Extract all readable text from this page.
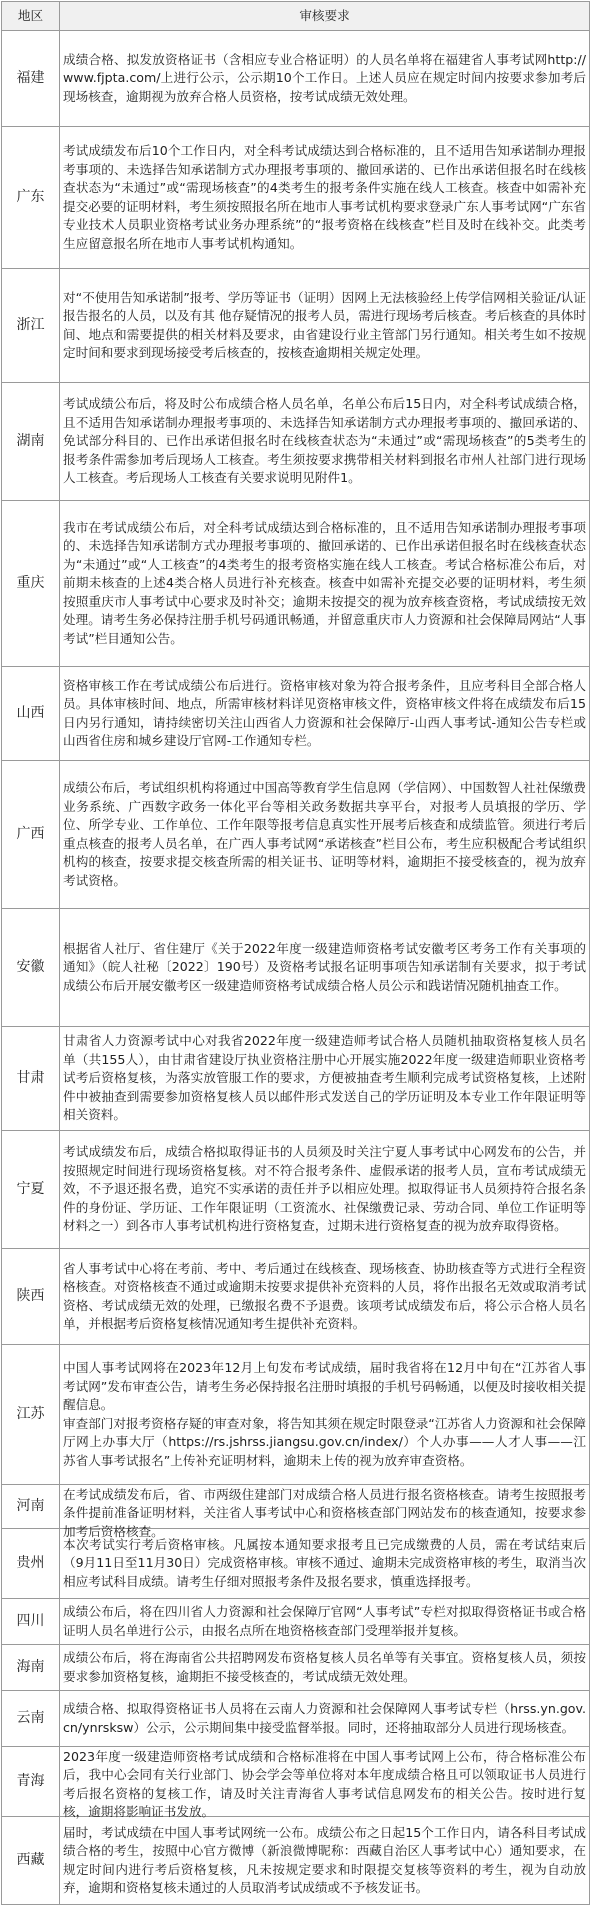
地区	审核要求
福建	成绩合格、拟发放资格证书（含相应专业合格证明）的人员名单将在福建省人事考试网http://www.fjpta.com/上进行公示，公示期10个工作日。上述人员应在规定时间内按要求参加考后现场核查，逾期视为放弃合格人员资格，按考试成绩无效处理。

广东	考试成绩发布后10个工作日内，对全科考试成绩达到合格标准的，且不适用告知承诺制办理报考事项的、未选择告知承诺制方式办理报考事项的、撤回承诺的、已作出承诺但报名时在线核查状态为“未通过”或“需现场核查”的4类考生的报考条件实施在线人工核查。核查中如需补充提交必要的证明材料，考生须按照报名所在地市人事考试机构要求登录广东人事考试网“广东省专业技术人员职业资格考试业务办理系统”的“报考资格在线核查”栏目及时在线补交。此类考生应留意报名所在地市人事考试机构通知。

浙江	对“不使用告知承诺制”报考、学历等证书（证明）因网上无法核验经上传学信网相关验证/认证报告报名的人员，以及有其 他存疑情况的报考人员，需进行现场考后核查。考后核查的具体时间、地点和需要提供的相关材料及要求，由省建设行业主管部门另行通知。相关考生如不按规定时间和要求到现场接受考后核查的，按核查逾期相关规定处理。

湖南	考试成绩公布后，将及时公布成绩合格人员名单，名单公布后15日内，对全科考试成绩合格，且不适用告知承诺制办理报考事项的、未选择告知承诺制方式办理报考事项的、撤回承诺的、免试部分科目的、已作出承诺但报名时在线核查状态为“未通过”或“需现场核查”的5类考生的报考条件需参加考后现场人工核查。考生须按要求携带相关材料到报名市州人社部门进行现场人工核查。考后现场人工核查有关要求说明见附件1。

重庆	我市在考试成绩公布后，对全科考试成绩达到合格标准的，且不适用告知承诺制办理报考事项的、未选择告知承诺制方式办理报考事项的、撤回承诺的、已作出承诺但报名时在线核查状态为“未通过”或“人工核查”的4类考生的报考资格实施在线人工核查。考试合格标准公布后，对前期未核查的上述4类合格人员进行补充核查。核查中如需补充提交必要的证明材料，考生须按照重庆市人事考试中心要求及时补交；逾期未按提交的视为放弃核查资格，考试成绩按无效处理。请考生务必保持注册手机号码通讯畅通，并留意重庆市人力资源和社会保障局网站“人事考试”栏目通知公告。

山西	资格审核工作在考试成绩公布后进行。资格审核对象为符合报考条件，且应考科目全部合格人员。具体审核时间、地点，所需审核材料详见资格审核文件，资格审核文件将在成绩发布后15日内另行通知，请持续密切关注山西省人力资源和社会保障厅-山西人事考试-通知公告专栏或山西省住房和城乡建设厅官网-工作通知专栏。

广西	成绩公布后，考试组织机构将通过中国高等教育学生信息网（学信网）、中国数智人社社保缴费业务系统、广西数字政务一体化平台等相关政务数据共享平台，对报考人员填报的学历、学位、所学专业、工作单位、工作年限等报考信息真实性开展考后核查和成绩监管。须进行考后重点核查的报考人员名单，在广西人事考试网“承诺核查”栏目公布，考生应积极配合考试组织机构的核查，按要求提交核查所需的相关证书、证明等材料，逾期拒不接受核查的，视为放弃考试资格。

安徽	根据省人社厅、省住建厅《关于2022年度一级建造师资格考试安徽考区考务工作有关事项的通知》（皖人社秘〔2022〕190号）及资格考试报名证明事项告知承诺制有关要求，拟于考试成绩公布后开展安徽考区一级建造师资格考试成绩合格人员公示和践诺情况随机抽查工作。

甘肃	甘肃省人力资源考试中心对我省2022年度一级建造师考试合格人员随机抽取资格复核人员名单（共155人），由甘肃省建设厅执业资格注册中心开展实施2022年度一级建造师职业资格考试考后资格复核，为落实放管服工作的要求，方便被抽查考生顺利完成考试资格复核，上述附件中被抽查到需要参加资格复核人员以邮件形式发送自己的学历证明及本专业工作年限证明等相关资料。

宁夏	考试成绩发布后，成绩合格拟取得证书的人员须及时关注宁夏人事考试中心网发布的公告，并按照规定时间进行现场资格复核。对不符合报考条件、虚假承诺的报考人员，宣布考试成绩无效，不予退还报名费，追究不实承诺的责任并予以相应处理。拟取得证书人员须持符合报名条件的身份证、学历证、工作年限证明（工资流水、社保缴费记录、劳动合同、单位工作证明等材料之一）到各市人事考试机构进行资格复查，过期未进行资格复查的视为放弃取得资格。

陕西	省人事考试中心将在考前、考中、考后通过在线核查、现场核查、协助核查等方式进行全程资格核查。对资格核查不通过或逾期未按要求提供补充资料的人员，将作出报名无效或取消考试资格、考试成绩无效的处理，已缴报名费不予退费。该项考试成绩发布后，将公示合格人员名单，并根据考后资格复核情况通知考生提供补充资料。

江苏	中国人事考试网将在2023年12月上旬发布考试成绩，届时我省将在12月中旬在“江苏省人事考试网”发布审查公告，请考生务必保持报名注册时填报的手机号码畅通，以便及时接收相关提醒信息。
审查部门对报考资格存疑的审查对象，将告知其须在规定时限登录“江苏省人力资源和社会保障厅网上办事大厅（https://rs.jshrss.jiangsu.gov.cn/index/）个人办事——人才人事——江苏省人事考试报名”上传补充证明材料，逾期未上传的视为放弃审查资格。

河南	在考试成绩发布后，省、市两级住建部门对成绩合格人员进行报名资格核查。请考生按照报考条件提前准备证明材料，关注省人事考试中心和资格核查部门网站发布的核查通知，按要求参加考后资格核查。

贵州	本次考试实行考后资格审核。凡属按本通知要求报考且已完成缴费的人员，需在考试结束后（9月11日至11月30日）完成资格审核。审核不通过、逾期未完成资格审核的考生，取消当次相应考试科目成绩。请考生仔细对照报考条件及报名要求，慎重选择报考。

四川	成绩公布后，将在四川省人力资源和社会保障厅官网“人事考试”专栏对拟取得资格证书或合格证明人员名单进行公示，由报名点所在地资格核查部门受理举报并复核。

海南	成绩公布后，将在海南省公共招聘网发布资格复核人员名单等有关事宜。资格复核人员，须按要求参加资格复核，逾期拒不接受核查的，考试成绩无效处理。

云南	成绩合格、拟取得资格证书人员将在云南人力资源和社会保障网人事考试专栏（hrss.yn.gov.cn/ynrsksw）公示，公示期间集中接受监督举报。同时，还将抽取部分人员进行现场核查。

青海	2023年度一级建造师资格考试成绩和合格标准将在中国人事考试网上公布，待合格标准公布后，我中心会同有关行业部门、协会学会等单位将对本年度成绩合格且可以领取证书人员进行考后报名资格的复核工作，请及时关注青海省人事考试信息网发布的相关公告。按时进行复核，逾期将影响证书发放。

西藏	届时，考试成绩在中国人事考试网统一公布。成绩公布之日起15个工作日内，请各科目考试成绩合格的考生，按照中心官方微博（新浪微博昵称：西藏自治区人事考试中心）通知要求，在规定时间内进行考后资格复核，凡未按规定要求和时限提交复核等资料的考生，视为自动放弃，逾期和资格复核未通过的人员取消考试成绩或不予核发证书。
